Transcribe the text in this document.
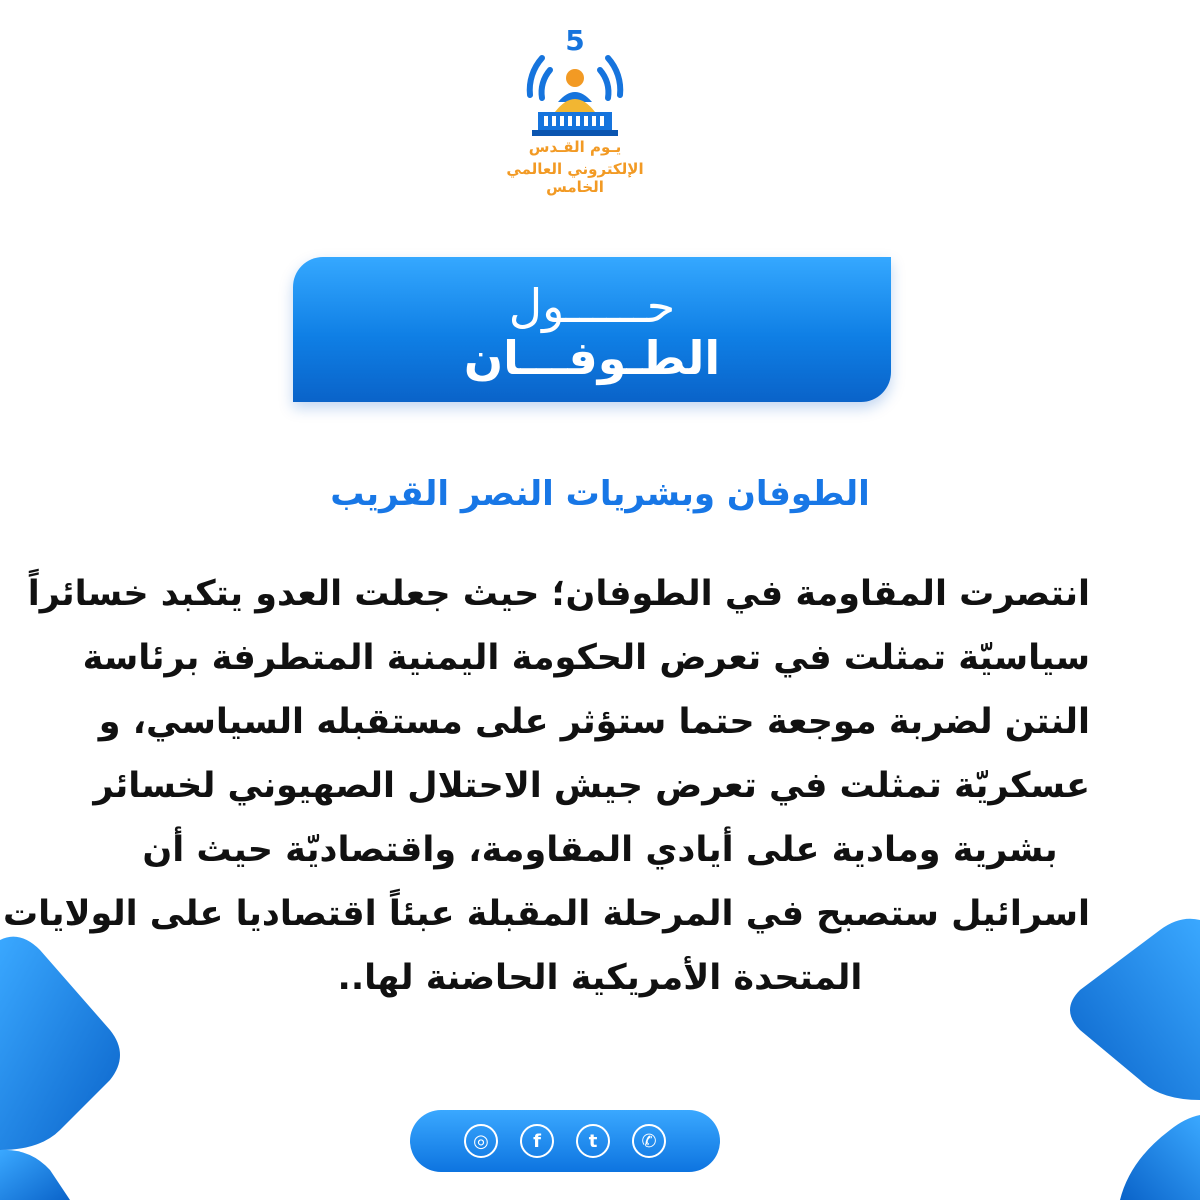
5
يـوم القـدس
الإلكتروني العالمي الخامس
حــــــول
الطـوفـــان
الطوفان وبشريات النصر القريب
انتصرت المقاومة في الطوفان؛ حيث جعلت العدو يتكبد خسائراً
سياسيّة تمثلت في تعرض الحكومة اليمنية المتطرفة برئاسة
النتن لضربة موجعة حتما ستؤثر على مستقبله السياسي، و
عسكريّة تمثلت في تعرض جيش الاحتلال الصهيوني لخسائر
بشرية ومادية على أيادي المقاومة، واقتصاديّة حيث أن
اسرائيل ستصبح في المرحلة المقبلة عبئاً اقتصاديا على الولايات
المتحدة الأمريكية الحاضنة لها..
◎	f	t	✆
